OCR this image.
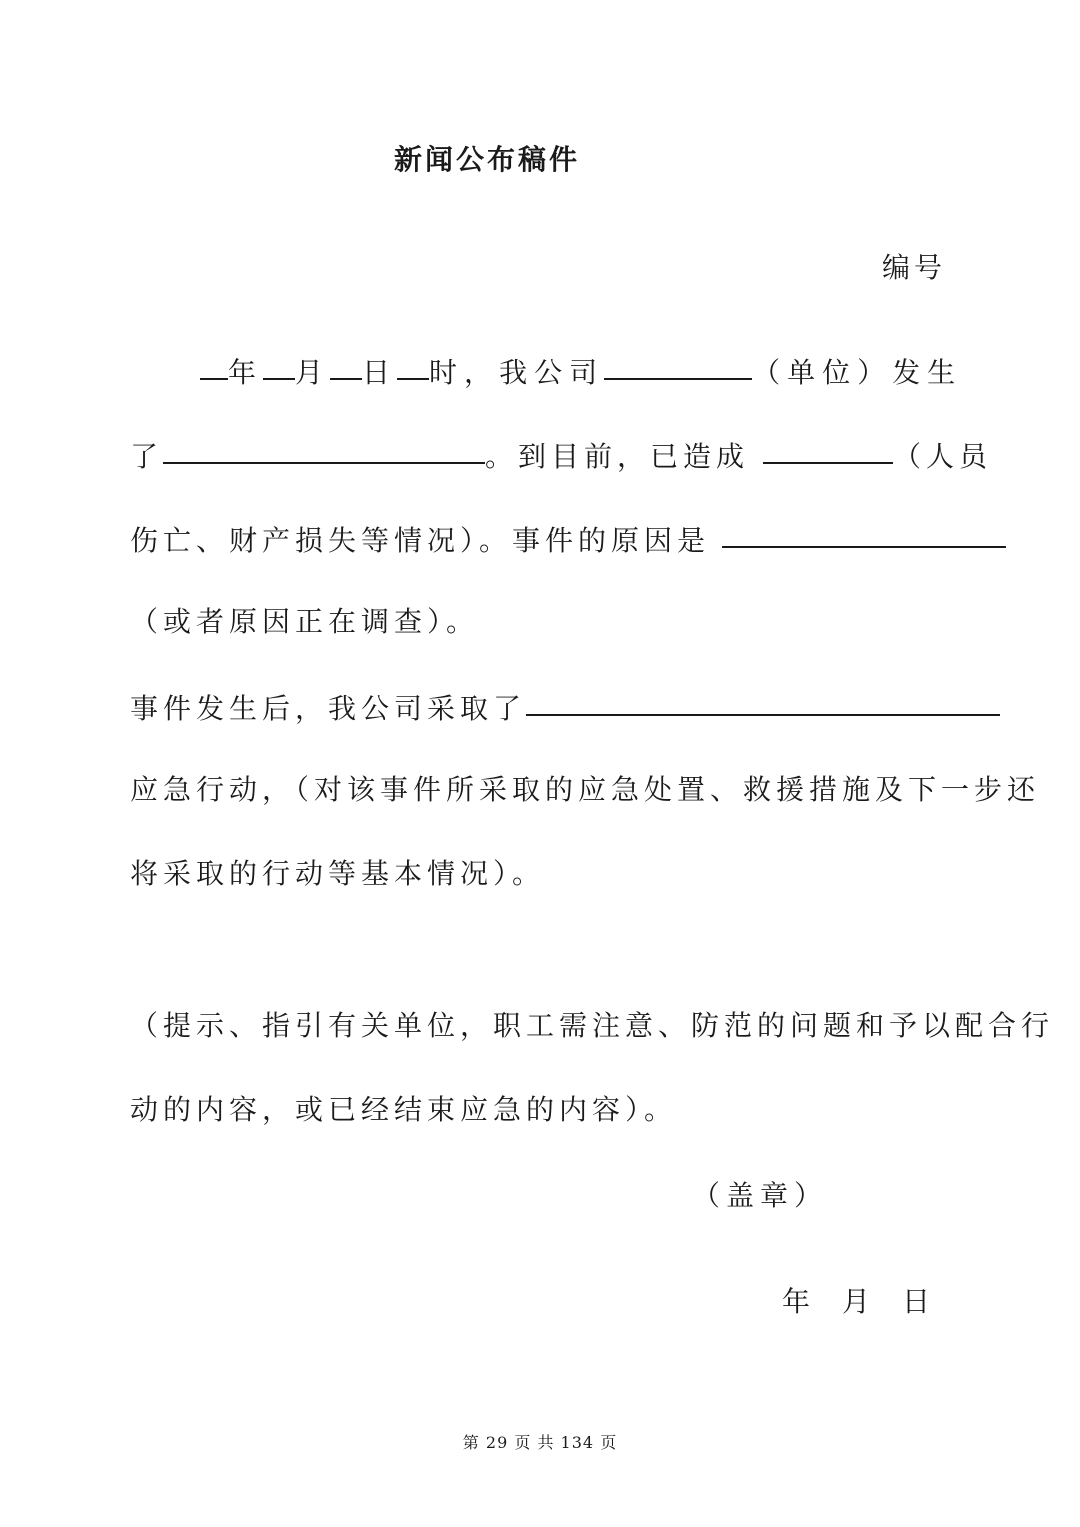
新闻公布稿件
编号
年 月 日 时，我公司	（单位）发生
了	。到目前，已造成	（人员
伤亡、财产损失等情况）。事件的原因是
（或者原因正在调查）。
事件发生后，我公司采取了
应急行动，（对该事件所采取的应急处置、救援措施及下一步还
将采取的行动等基本情况）。
（提示、指引有关单位，职工需注意、防范的问题和予以配合行
动的内容，或已经结束应急的内容）。
（盖章）
年 月 日
第 29 页 共 134 页
